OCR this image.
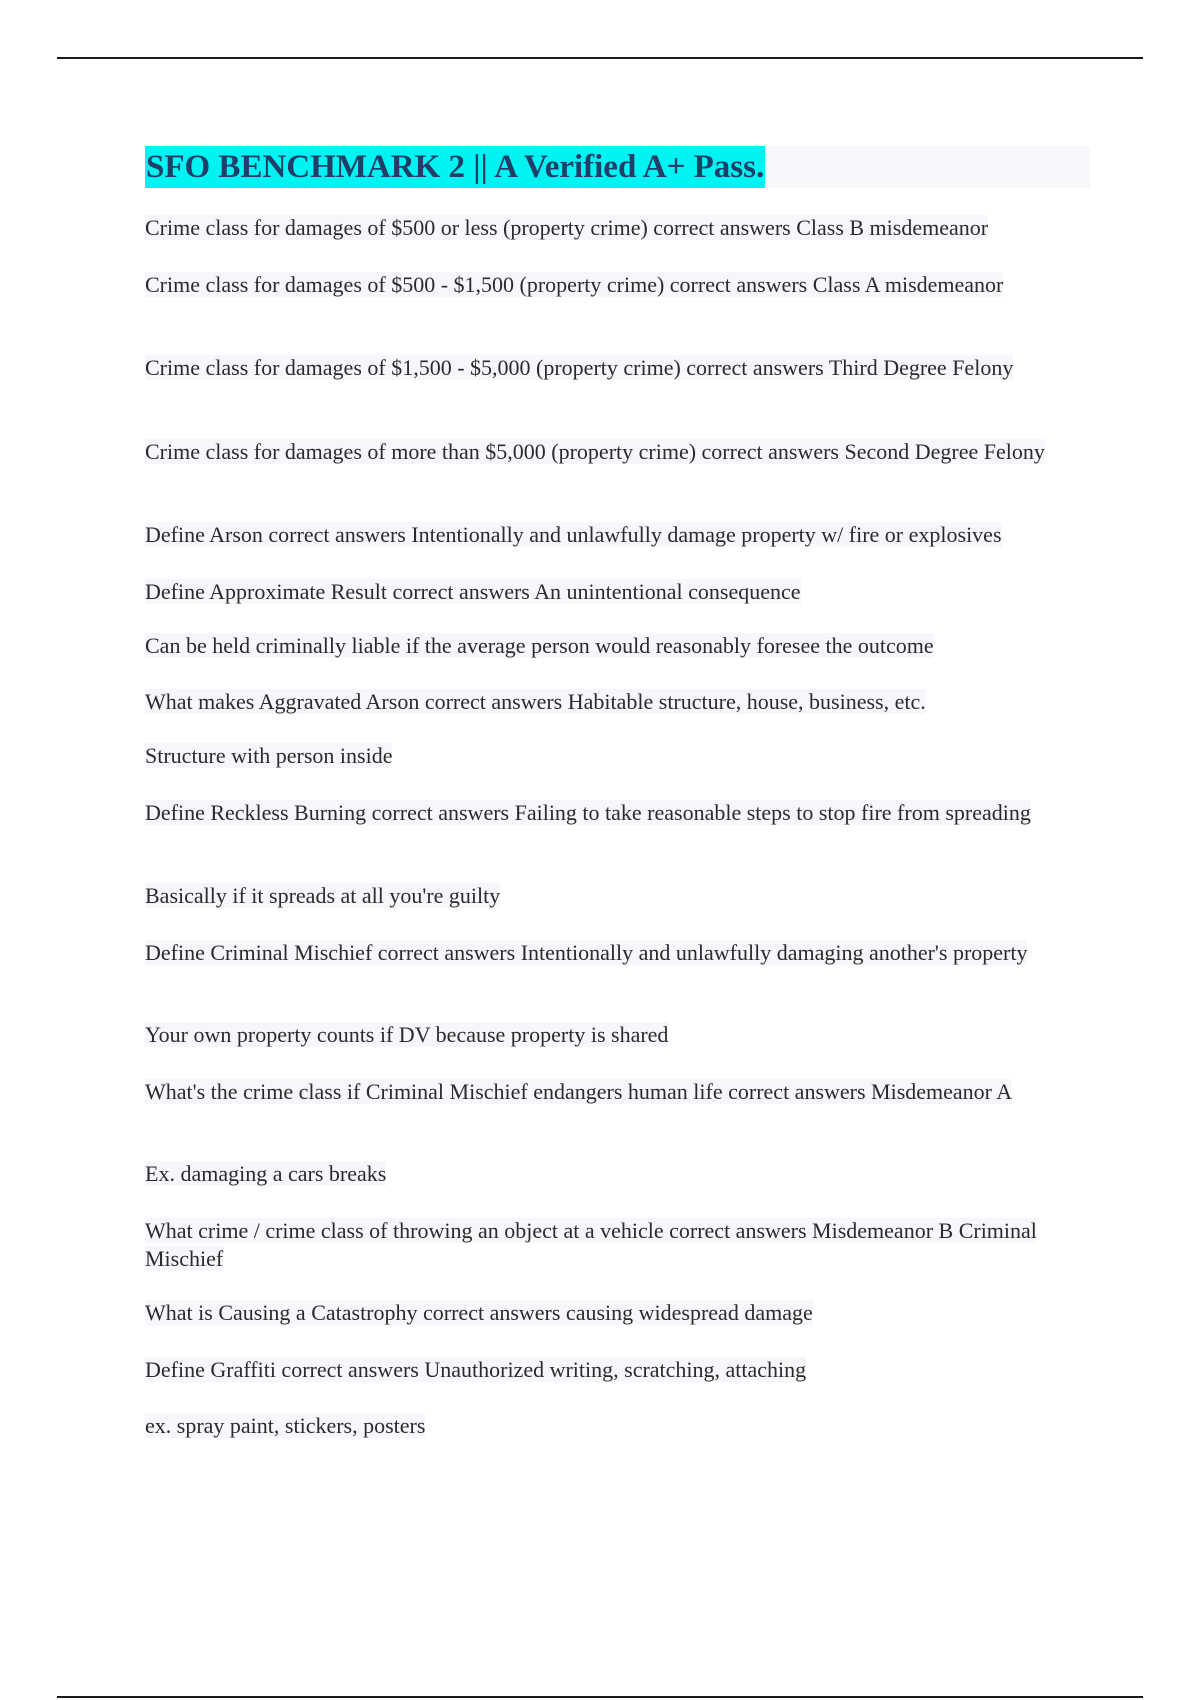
SFO BENCHMARK 2 || A Verified A+ Pass.
Crime class for damages of $500 or less (property crime) correct answers Class B misdemeanor
Crime class for damages of $500 - $1,500 (property crime) correct answers Class A misdemeanor
Crime class for damages of $1,500 - $5,000 (property crime) correct answers Third Degree Felony
Crime class for damages of more than $5,000 (property crime) correct answers Second Degree Felony
Define Arson correct answers Intentionally and unlawfully damage property w/ fire or explosives
Define Approximate Result correct answers An unintentional consequence
Can be held criminally liable if the average person would reasonably foresee the outcome
What makes Aggravated Arson correct answers Habitable structure, house, business, etc.
Structure with person inside
Define Reckless Burning correct answers Failing to take reasonable steps to stop fire from spreading
Basically if it spreads at all you're guilty
Define Criminal Mischief correct answers Intentionally and unlawfully damaging another's property
Your own property counts if DV because property is shared
What's the crime class if Criminal Mischief endangers human life correct answers Misdemeanor A
Ex. damaging a cars breaks
What crime / crime class of throwing an object at a vehicle correct answers Misdemeanor B Criminal Mischief
What is Causing a Catastrophy correct answers causing widespread damage
Define Graffiti correct answers Unauthorized writing, scratching, attaching
ex. spray paint, stickers, posters
